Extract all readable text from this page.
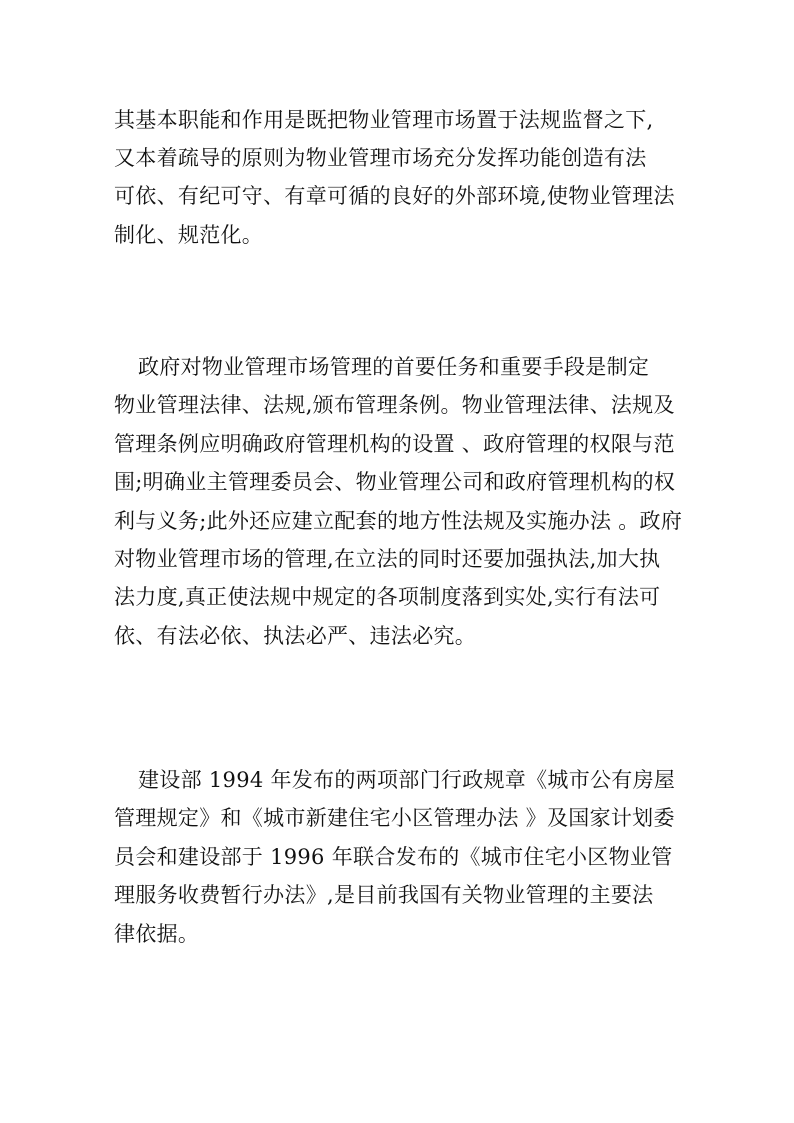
其基本职能和作用是既把物业管理市场置于法规监督之下,
又本着疏导的原则为物业管理市场充分发挥功能创造有法
可依、有纪可守、有章可循的良好的外部环境,使物业管理法
制化、规范化。
政府对物业管理市场管理的首要任务和重要手段是制定
物业管理法律、法规,颁布管理条例。物业管理法律、法规及
管理条例应明确政府管理机构的设置 、政府管理的权限与范
围;明确业主管理委员会、物业管理公司和政府管理机构的权
利与义务;此外还应建立配套的地方性法规及实施办法 。政府
对物业管理市场的管理,在立法的同时还要加强执法,加大执
法力度,真正使法规中规定的各项制度落到实处,实行有法可
依、有法必依、执法必严、违法必究。
建设部 1994 年发布的两项部门行政规章《城市公有房屋
管理规定》和《城市新建住宅小区管理办法 》及国家计划委
员会和建设部于 1996 年联合发布的《城市住宅小区物业管
理服务收费暂行办法》,是目前我国有关物业管理的主要法
律依据。
